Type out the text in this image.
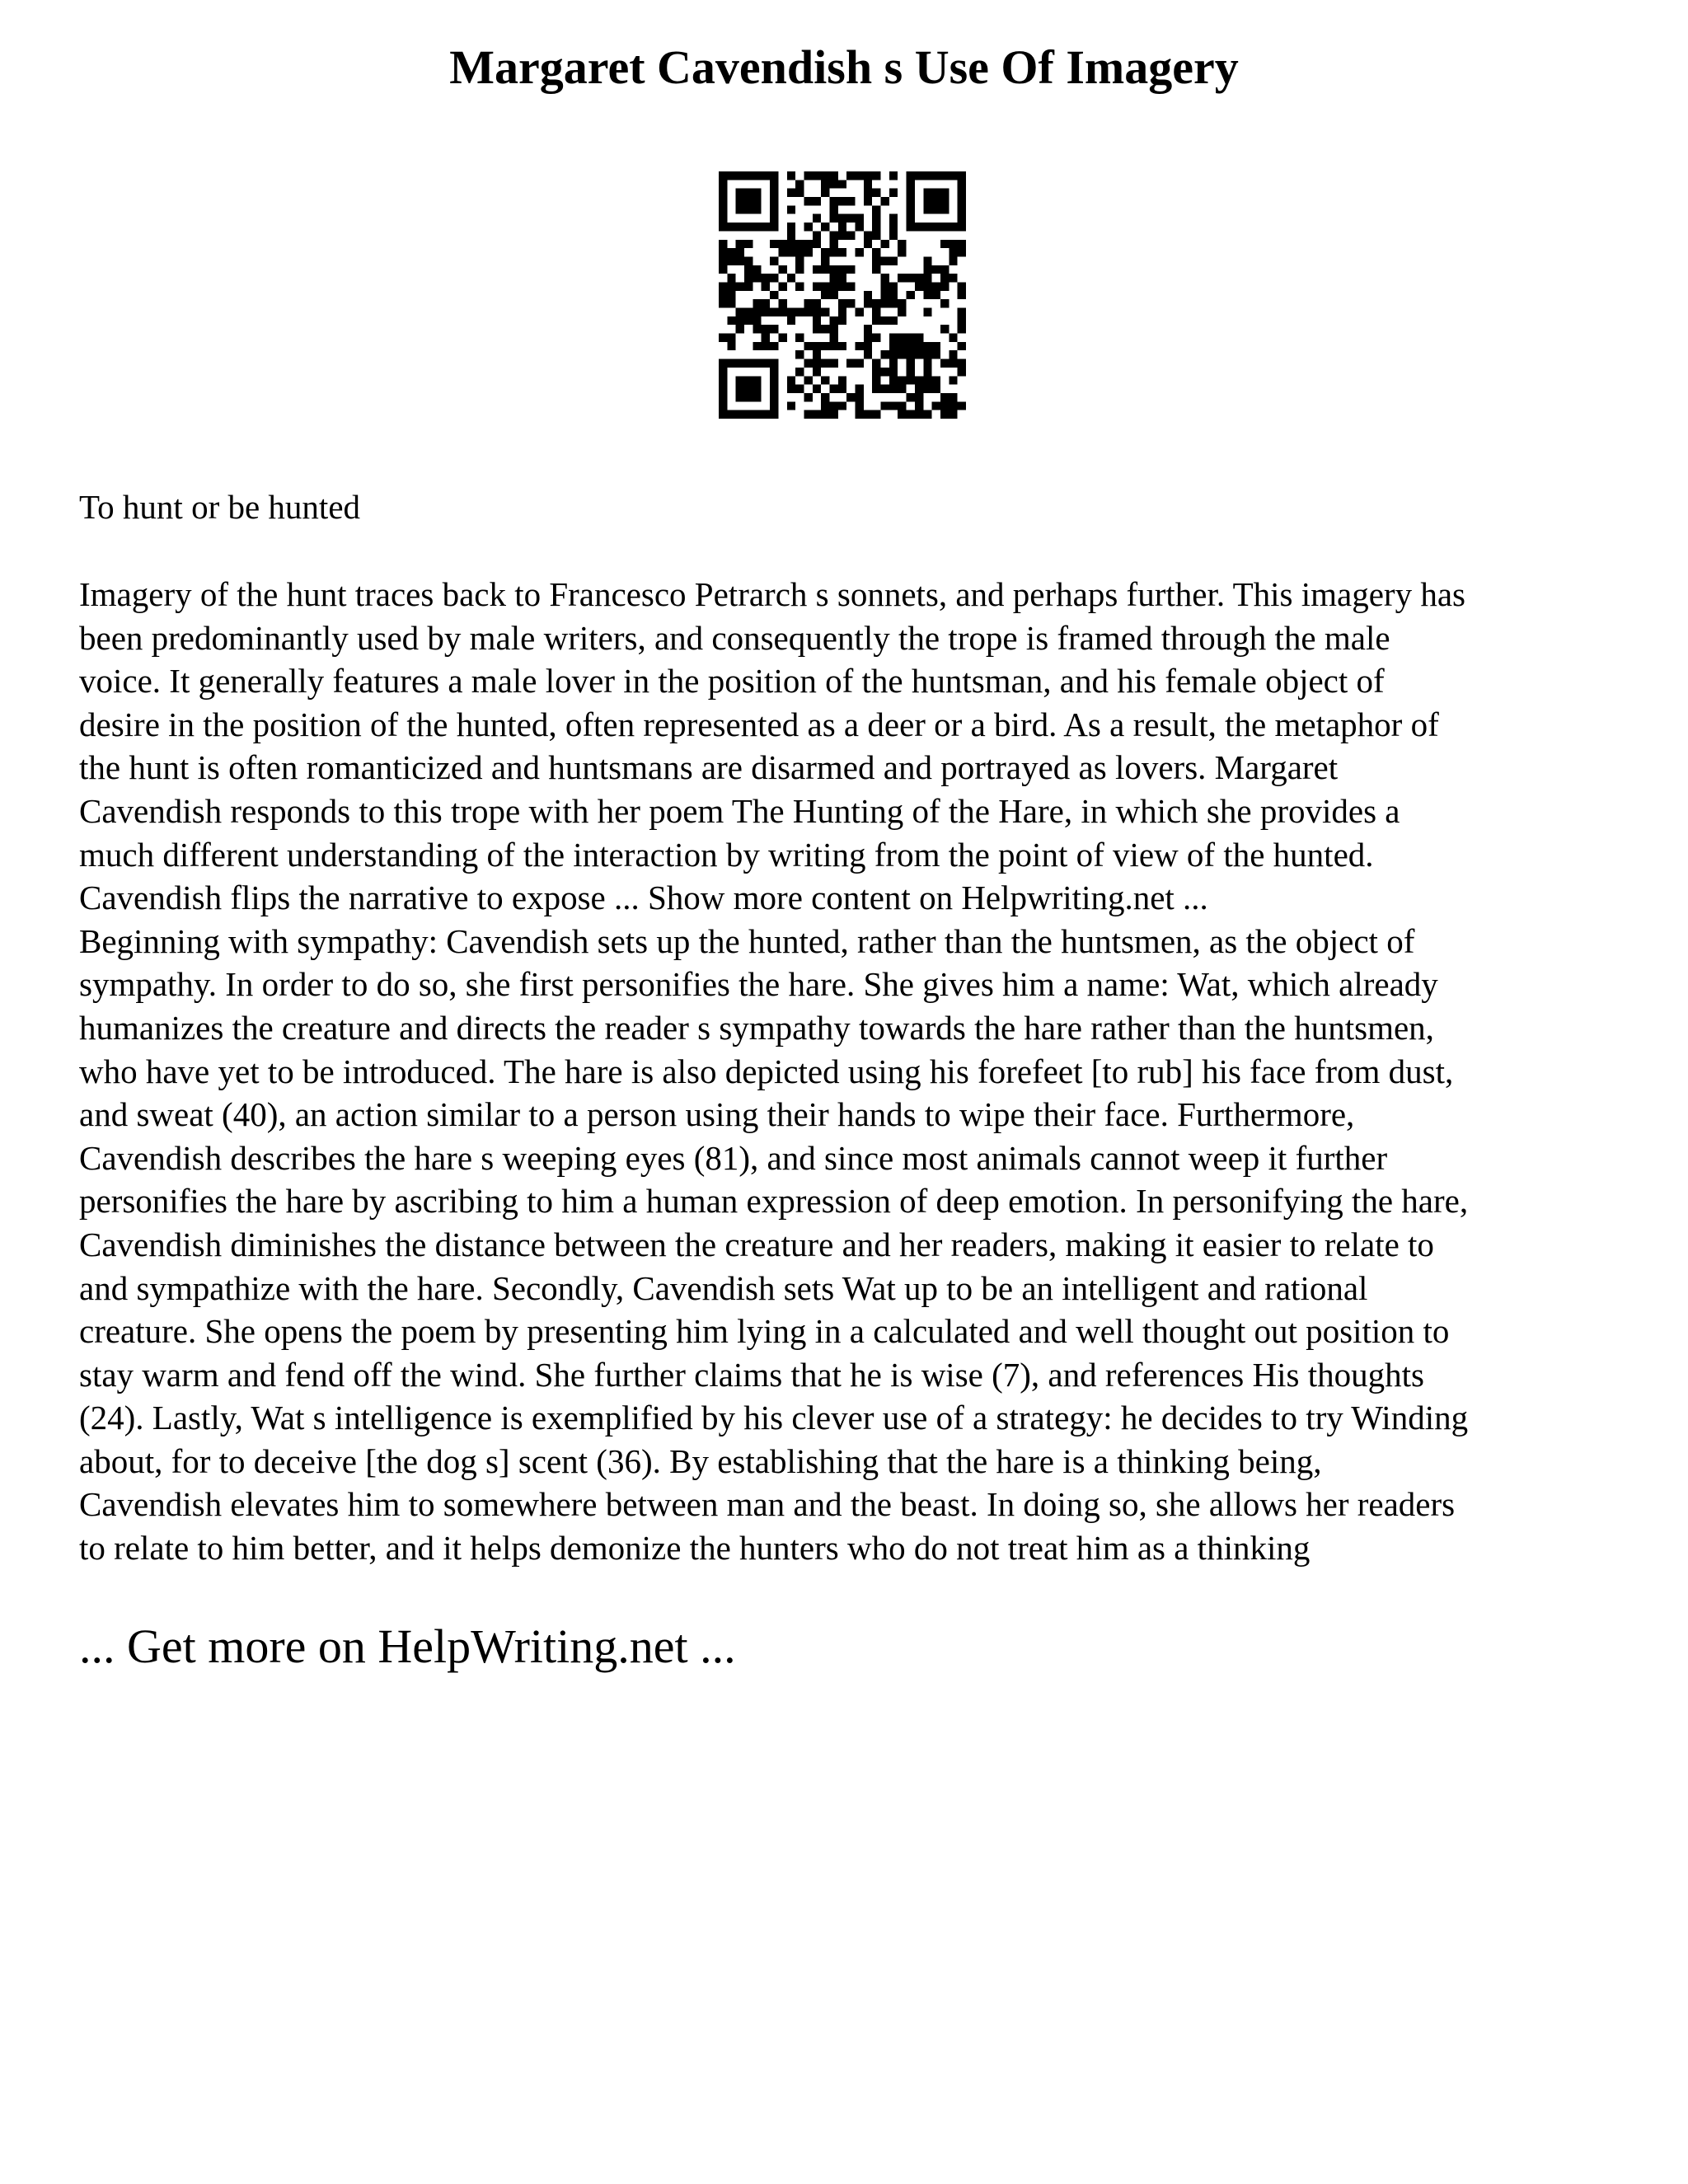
Margaret Cavendish s Use Of Imagery

To hunt or be hunted

Imagery of the hunt traces back to Francesco Petrarch s sonnets, and perhaps further. This imagery has
been predominantly used by male writers, and consequently the trope is framed through the male
voice. It generally features a male lover in the position of the huntsman, and his female object of
desire in the position of the hunted, often represented as a deer or a bird. As a result, the metaphor of
the hunt is often romanticized and huntsmans are disarmed and portrayed as lovers. Margaret
Cavendish responds to this trope with her poem The Hunting of the Hare, in which she provides a
much different understanding of the interaction by writing from the point of view of the hunted.
Cavendish flips the narrative to expose ... Show more content on Helpwriting.net ...
Beginning with sympathy: Cavendish sets up the hunted, rather than the huntsmen, as the object of
sympathy. In order to do so, she first personifies the hare. She gives him a name: Wat, which already
humanizes the creature and directs the reader s sympathy towards the hare rather than the huntsmen,
who have yet to be introduced. The hare is also depicted using his forefeet [to rub] his face from dust,
and sweat (40), an action similar to a person using their hands to wipe their face. Furthermore,
Cavendish describes the hare s weeping eyes (81), and since most animals cannot weep it further
personifies the hare by ascribing to him a human expression of deep emotion. In personifying the hare,
Cavendish diminishes the distance between the creature and her readers, making it easier to relate to
and sympathize with the hare. Secondly, Cavendish sets Wat up to be an intelligent and rational
creature. She opens the poem by presenting him lying in a calculated and well thought out position to
stay warm and fend off the wind. She further claims that he is wise (7), and references His thoughts
(24). Lastly, Wat s intelligence is exemplified by his clever use of a strategy: he decides to try Winding
about, for to deceive [the dog s] scent (36). By establishing that the hare is a thinking being,
Cavendish elevates him to somewhere between man and the beast. In doing so, she allows her readers
to relate to him better, and it helps demonize the hunters who do not treat him as a thinking

... Get more on HelpWriting.net ...
